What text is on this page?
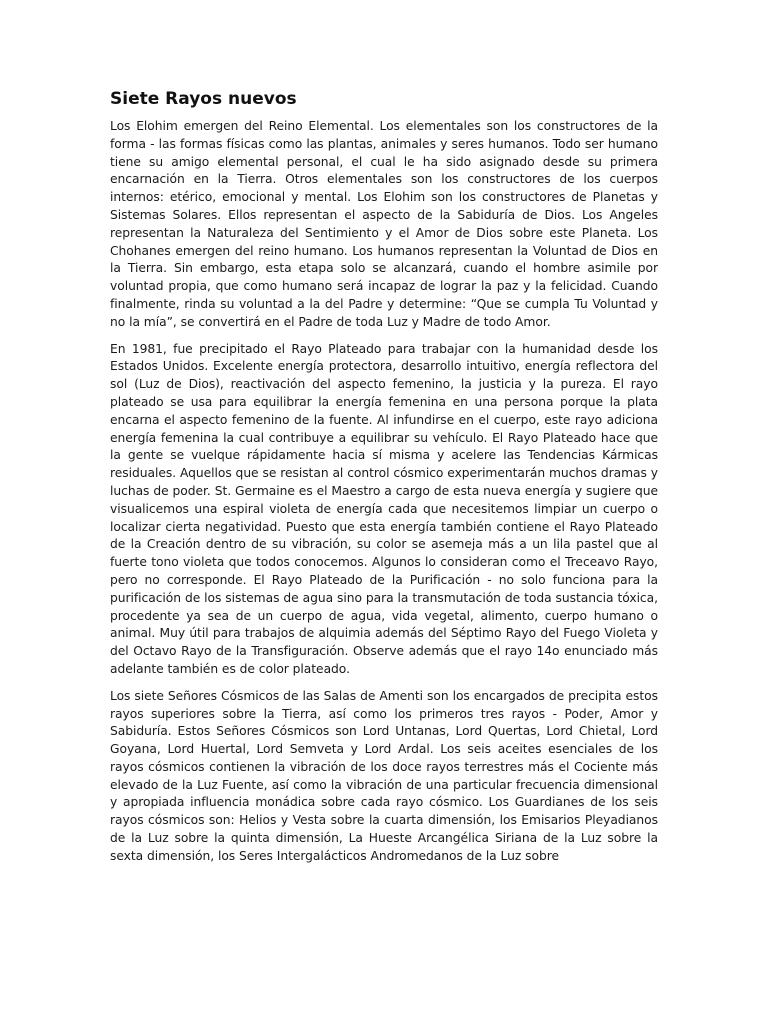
Siete Rayos nuevos

Los Elohim emergen del Reino Elemental. Los elementales son los constructores de la forma - las formas físicas como las plantas, animales y seres humanos. Todo ser humano tiene su amigo elemental personal, el cual le ha sido asignado desde su primera encarnación en la Tierra. Otros elementales son los constructores de los cuerpos internos: etérico, emocional y mental. Los Elohim son los constructores de Planetas y Sistemas Solares. Ellos representan el aspecto de la Sabiduría de Dios. Los Angeles representan la Naturaleza del Sentimiento y el Amor de Dios sobre este Planeta. Los Chohanes emergen del reino humano. Los humanos representan la Voluntad de Dios en la Tierra. Sin embargo, esta etapa solo se alcanzará, cuando el hombre asimile por voluntad propia, que como humano será incapaz de lograr la paz y la felicidad. Cuando finalmente, rinda su voluntad a la del Padre y determine: “Que se cumpla Tu Voluntad y no la mía”, se convertirá en el Padre de toda Luz y Madre de todo Amor.

En 1981, fue precipitado el Rayo Plateado para trabajar con la humanidad desde los Estados Unidos. Excelente energía protectora, desarrollo intuitivo, energía reflectora del sol (Luz de Dios), reactivación del aspecto femenino, la justicia y la pureza. El rayo plateado se usa para equilibrar la energía femenina en una persona porque la plata encarna el aspecto femenino de la fuente. Al infundirse en el cuerpo, este rayo adiciona energía femenina la cual contribuye a equilibrar su vehículo. El Rayo Plateado hace que la gente se vuelque rápidamente hacia sí misma y acelere las Tendencias Kármicas residuales. Aquellos que se resistan al control cósmico experimentarán muchos dramas y luchas de poder. St. Germaine es el Maestro a cargo de esta nueva energía y sugiere que visualicemos una espiral violeta de energía cada que necesitemos limpiar un cuerpo o localizar cierta negatividad. Puesto que esta energía también contiene el Rayo Plateado de la Creación dentro de su vibración, su color se asemeja más a un lila pastel que al fuerte tono violeta que todos conocemos. Algunos lo consideran como el Treceavo Rayo, pero no corresponde. El Rayo Plateado de la Purificación - no solo funciona para la purificación de los sistemas de agua sino para la transmutación de toda sustancia tóxica, procedente ya sea de un cuerpo de agua, vida vegetal, alimento, cuerpo humano o animal. Muy útil para trabajos de alquimia además del Séptimo Rayo del Fuego Violeta y del Octavo Rayo de la Transfiguración. Observe además que el rayo 14o enunciado más adelante también es de color plateado.

Los siete Señores Cósmicos de las Salas de Amenti son los encargados de precipita estos rayos superiores sobre la Tierra, así como los primeros tres rayos - Poder, Amor y Sabiduría. Estos Señores Cósmicos son Lord Untanas, Lord Quertas, Lord Chietal, Lord Goyana, Lord Huertal, Lord Semveta y Lord Ardal. Los seis aceites esenciales de los rayos cósmicos contienen la vibración de los doce rayos terrestres más el Cociente más elevado de la Luz Fuente, así como la vibración de una particular frecuencia dimensional y apropiada influencia monádica sobre cada rayo cósmico. Los Guardianes de los seis rayos cósmicos son: Helios y Vesta sobre la cuarta dimensión, los Emisarios Pleyadianos de la Luz sobre la quinta dimensión, La Hueste Arcangélica Siriana de la Luz sobre la sexta dimensión, los Seres Intergalácticos Andromedanos de la Luz sobre
